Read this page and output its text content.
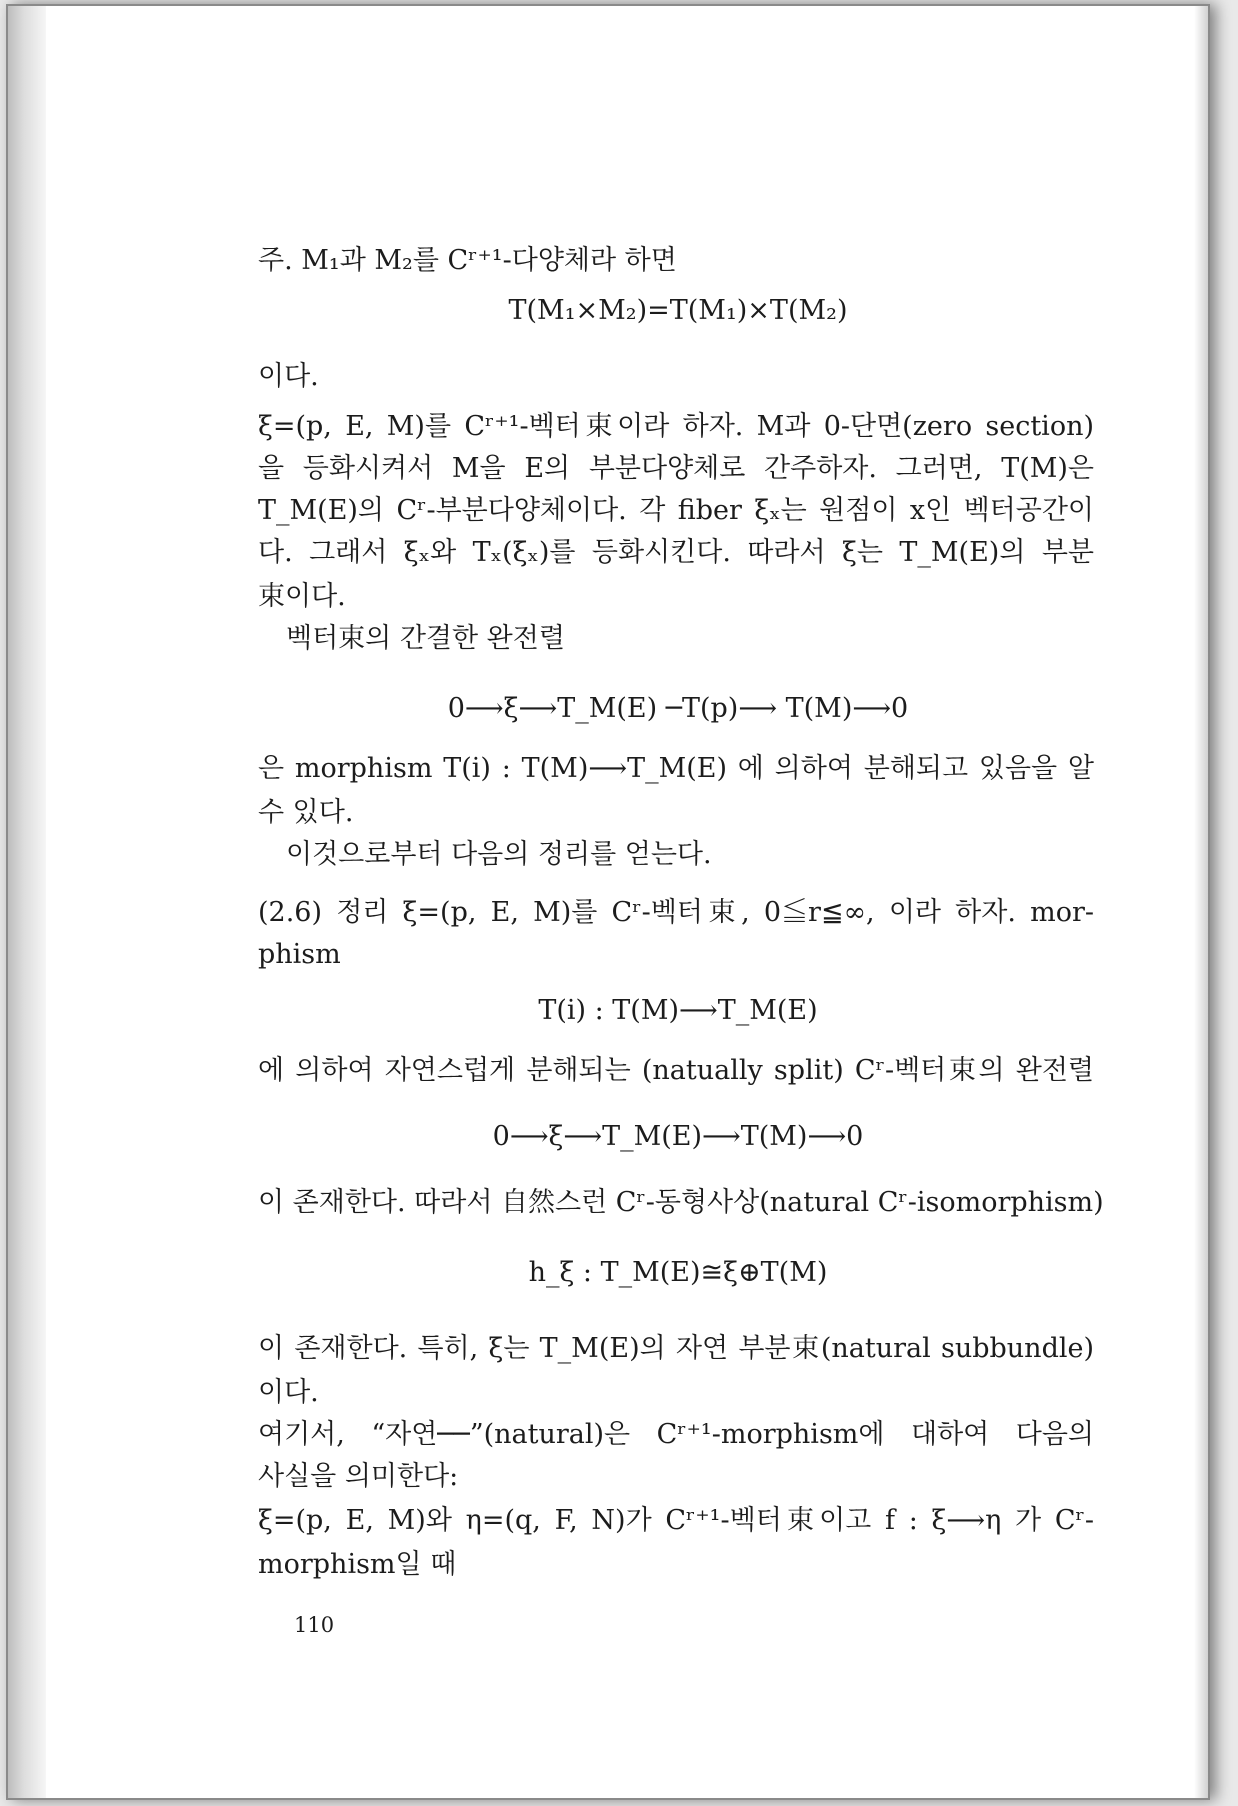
주. M₁과 M₂를 Cʳ⁺¹-다양체라 하면
T(M₁×M₂)=T(M₁)×T(M₂)
이다.
ξ=(p, E, M)를 Cʳ⁺¹-벡터束이라 하자. M과 0-단면(zero section)
을 등화시켜서 M을 E의 부분다양체로 간주하자. 그러면, T(M)은
T_M(E)의 Cʳ-부분다양체이다. 각 fiber ξₓ는 원점이 x인 벡터공간이
다. 그래서 ξₓ와 Tₓ(ξₓ)를 등화시킨다. 따라서 ξ는 T_M(E)의 부분
束이다.
벡터束의 간결한 완전렬
0⟶ξ⟶T_M(E) ─T(p)⟶ T(M)⟶0
은 morphism T(i) : T(M)⟶T_M(E) 에 의하여 분해되고 있음을 알
수 있다.
이것으로부터 다음의 정리를 얻는다.
(2.6) 정리 ξ=(p, E, M)를 Cʳ-벡터束, 0≦r≦∞, 이라 하자. mor-
phism
T(i) : T(M)⟶T_M(E)
에 의하여 자연스럽게 분해되는 (natually split) Cʳ-벡터束의 완전렬
0⟶ξ⟶T_M(E)⟶T(M)⟶0
이 존재한다. 따라서 自然스런 Cʳ-동형사상(natural Cʳ-isomorphism)
h_ξ : T_M(E)≅ξ⊕T(M)
이 존재한다. 특히, ξ는 T_M(E)의 자연 부분束(natural subbundle)
이다.
여기서, “자연──”(natural)은 Cʳ⁺¹-morphism에 대하여 다음의
사실을 의미한다:
ξ=(p, E, M)와 η=(q, F, N)가 Cʳ⁺¹-벡터束이고 f : ξ⟶η 가 Cʳ-
morphism일 때
110
